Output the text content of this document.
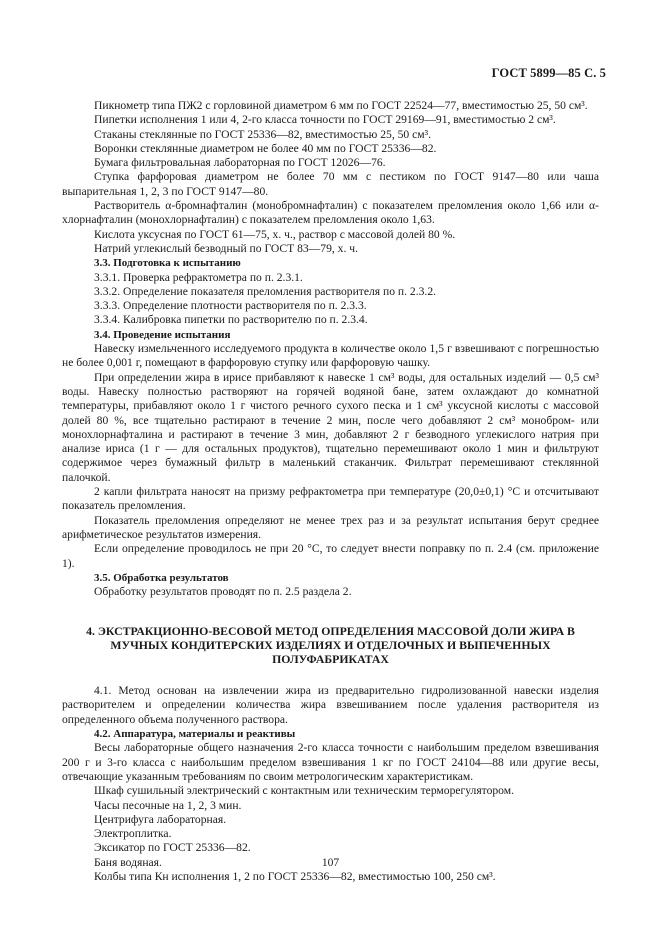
ГОСТ 5899—85 С. 5

Пикнометр типа ПЖ2 с горловиной диаметром 6 мм по ГОСТ 22524—77, вместимостью 25, 50 см³.

Пипетки исполнения 1 или 4, 2-го класса точности по ГОСТ 29169—91, вместимостью 2 см³.

Стаканы стеклянные по ГОСТ 25336—82, вместимостью 25, 50 см³.

Воронки стеклянные диаметром не более 40 мм по ГОСТ 25336—82.

Бумага фильтровальная лабораторная по ГОСТ 12026—76.

Ступка фарфоровая диаметром не более 70 мм с пестиком по ГОСТ 9147—80 или чаша выпарительная 1, 2, 3 по ГОСТ 9147—80.

Растворитель α-бромнафталин (монобромнафталин) с показателем преломления около 1,66 или α-хлорнафталин (монохлорнафталин) с показателем преломления около 1,63.

Кислота уксусная по ГОСТ 61—75, х. ч., раствор с массовой долей 80 %.

Натрий углекислый безводный по ГОСТ 83—79, х. ч.

3.3. Подготовка к испытанию

3.3.1. Проверка рефрактометра по п. 2.3.1.

3.3.2. Определение показателя преломления растворителя по п. 2.3.2.

3.3.3. Определение плотности растворителя по п. 2.3.3.

3.3.4. Калибровка пипетки по растворителю по п. 2.3.4.

3.4. Проведение испытания

Навеску измельченного исследуемого продукта в количестве около 1,5 г взвешивают с погрешностью не более 0,001 г, помещают в фарфоровую ступку или фарфоровую чашку.

При определении жира в ирисе прибавляют к навеске 1 см³ воды, для остальных изделий — 0,5 см³ воды. Навеску полностью растворяют на горячей водяной бане, затем охлаждают до комнатной температуры, прибавляют около 1 г чистого речного сухого песка и 1 см³ уксусной кислоты с массовой долей 80 %, все тщательно растирают в течение 2 мин, после чего добавляют 2 см³ монобром- или монохлорнафталина и растирают в течение 3 мин, добавляют 2 г безводного углекислого натрия при анализе ириса (1 г — для остальных продуктов), тщательно перемешивают около 1 мин и фильтруют содержимое через бумажный фильтр в маленький стаканчик. Фильтрат перемешивают стеклянной палочкой.

2 капли фильтрата наносят на призму рефрактометра при температуре (20,0±0,1) °С и отсчитывают показатель преломления.

Показатель преломления определяют не менее трех раз и за результат испытания берут среднее арифметическое результатов измерения.

Если определение проводилось не при 20 °С, то следует внести поправку по п. 2.4 (см. приложение 1).

3.5. Обработка результатов

Обработку результатов проводят по п. 2.5 раздела 2.

4. ЭКСТРАКЦИОННО-ВЕСОВОЙ МЕТОД ОПРЕДЕЛЕНИЯ МАССОВОЙ ДОЛИ ЖИРА В МУЧНЫХ КОНДИТЕРСКИХ ИЗДЕЛИЯХ И ОТДЕЛОЧНЫХ И ВЫПЕЧЕННЫХ ПОЛУФАБРИКАТАХ

4.1. Метод основан на извлечении жира из предварительно гидролизованной навески изделия растворителем и определении количества жира взвешиванием после удаления растворителя из определенного объема полученного раствора.

4.2. Аппаратура, материалы и реактивы

Весы лабораторные общего назначения 2-го класса точности с наибольшим пределом взвешивания 200 г и 3-го класса с наибольшим пределом взвешивания 1 кг по ГОСТ 24104—88 или другие весы, отвечающие указанным требованиям по своим метрологическим характеристикам.

Шкаф сушильный электрический с контактным или техническим терморегулятором.

Часы песочные на 1, 2, 3 мин.

Центрифуга лабораторная.

Электроплитка.

Эксикатор по ГОСТ 25336—82.

Баня водяная.

Колбы типа Кн исполнения 1, 2 по ГОСТ 25336—82, вместимостью 100, 250 см³.

107
